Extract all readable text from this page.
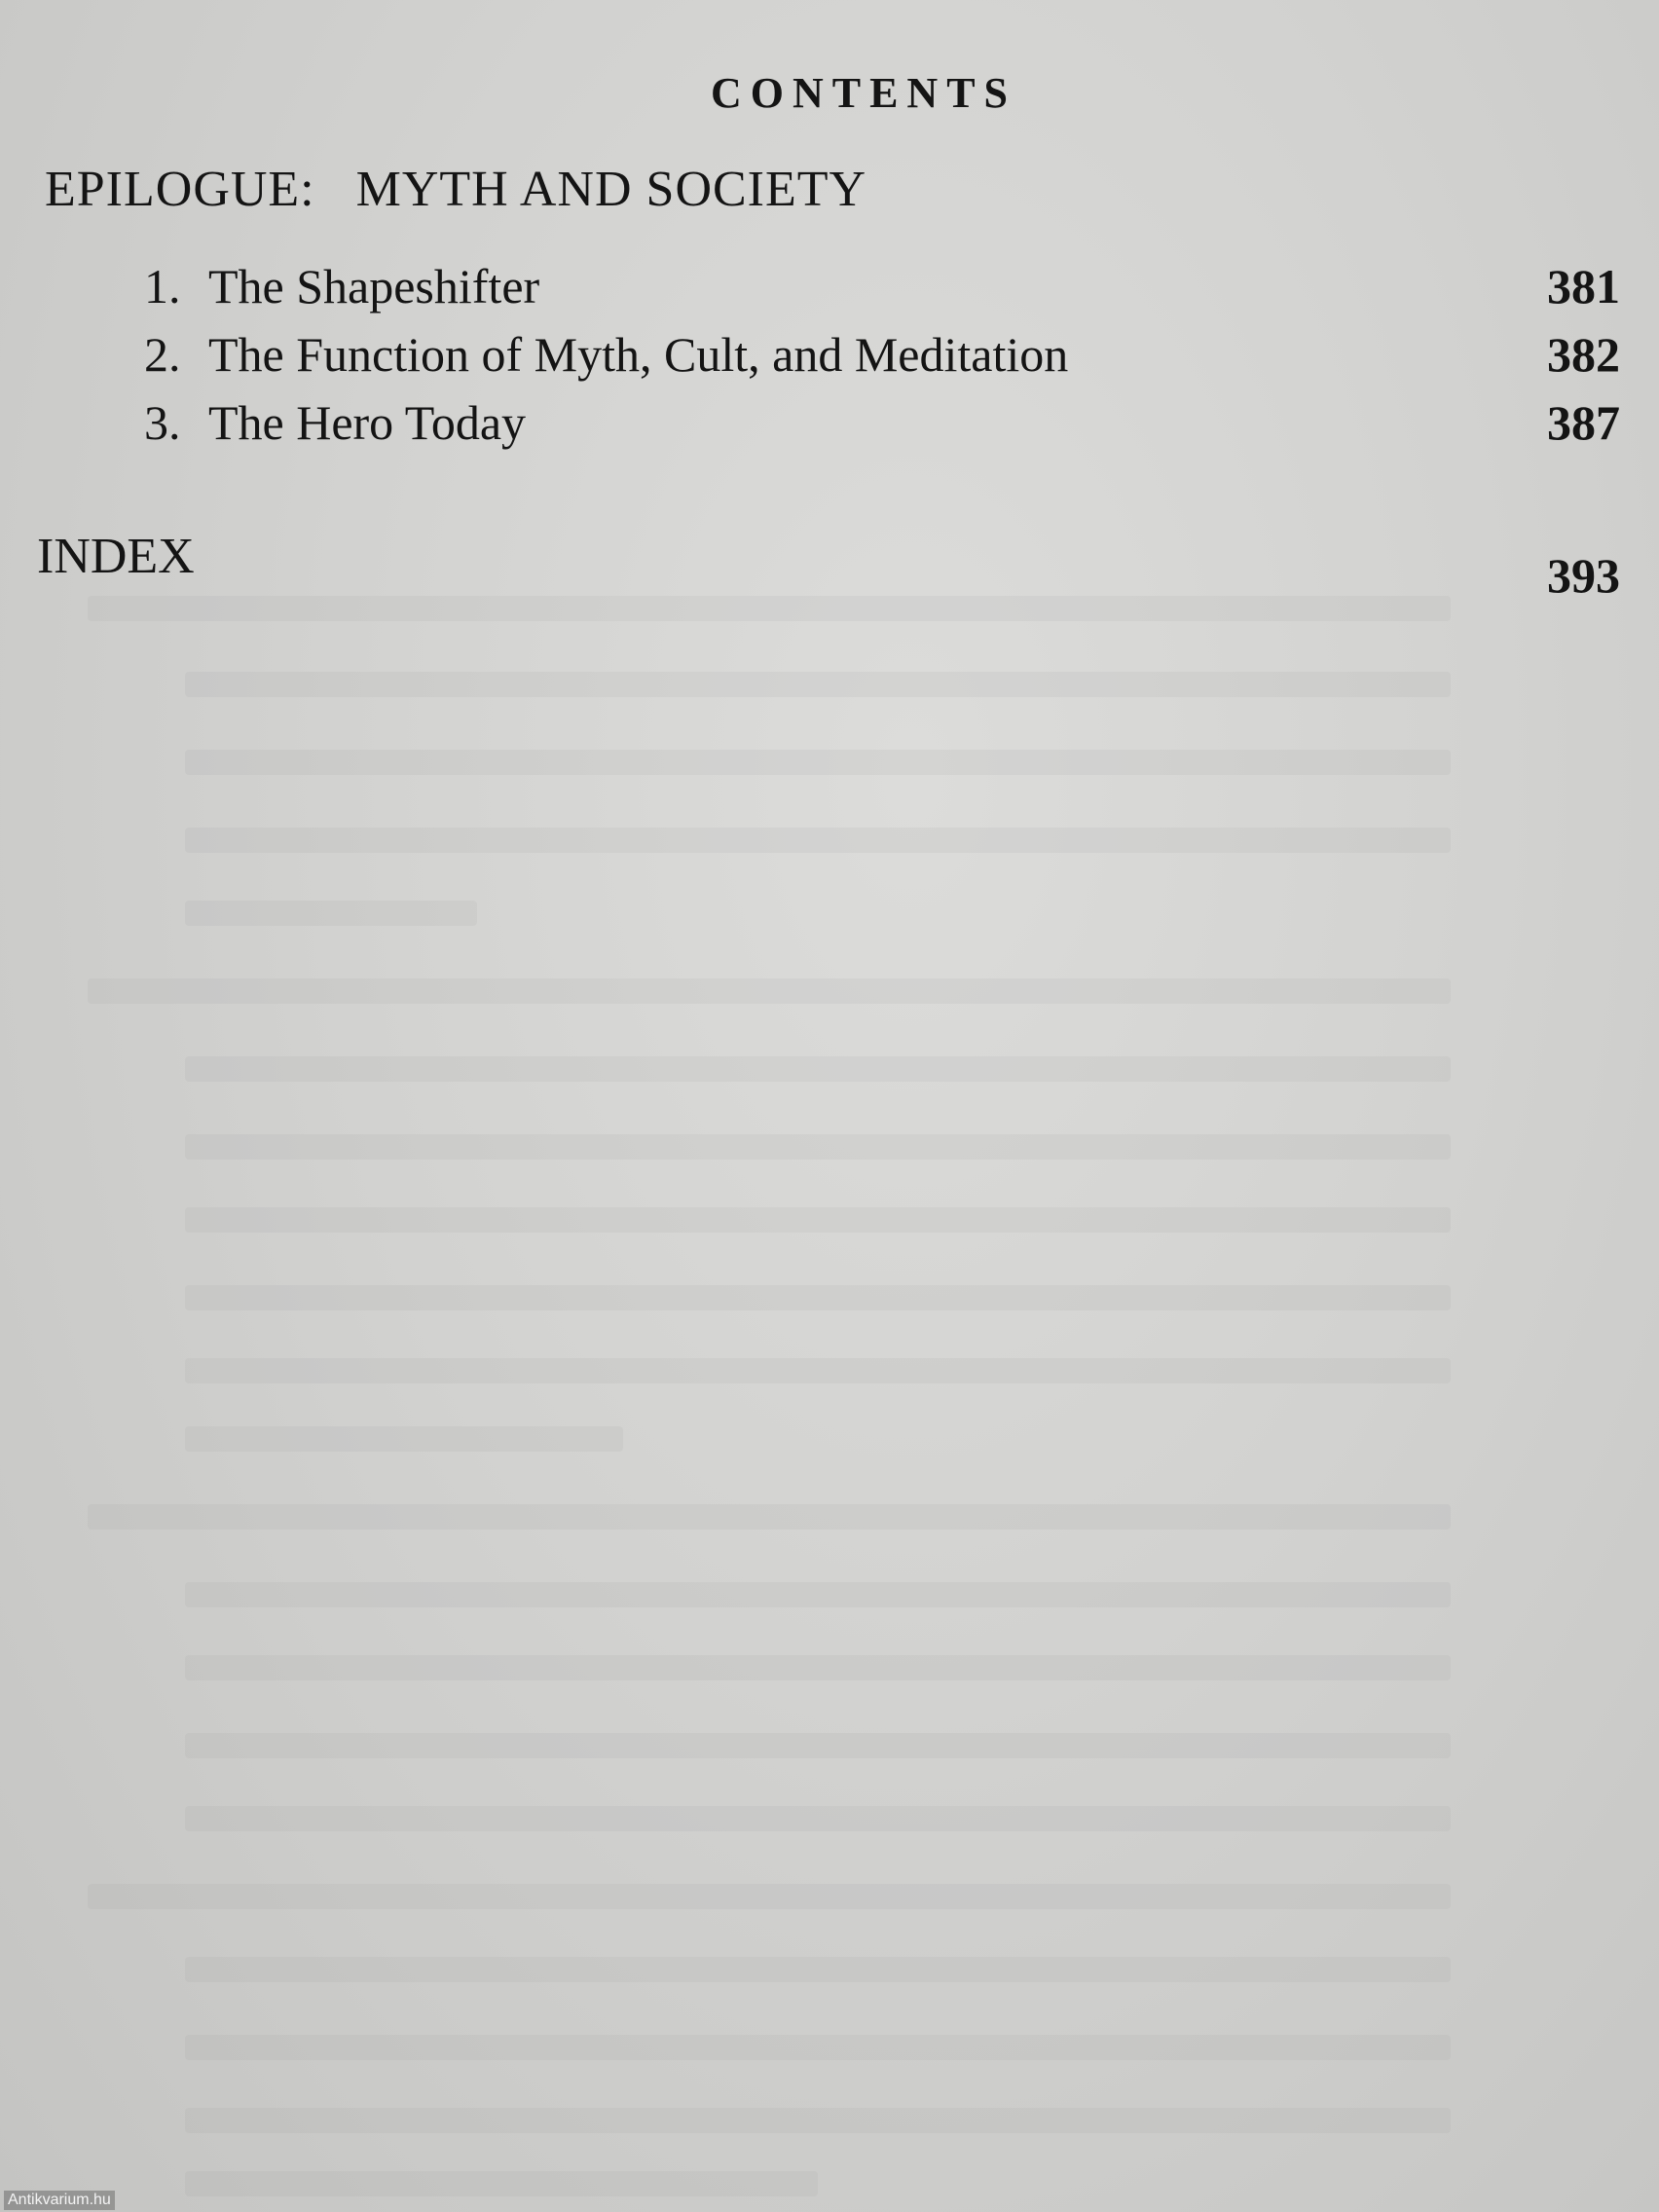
CONTENTS
EPILOGUE:   MYTH AND SOCIETY
1. The Shapeshifter	381
2. The Function of Myth, Cult, and Meditation	382
3. The Hero Today	387
INDEX	393
Antikvarium.hu
